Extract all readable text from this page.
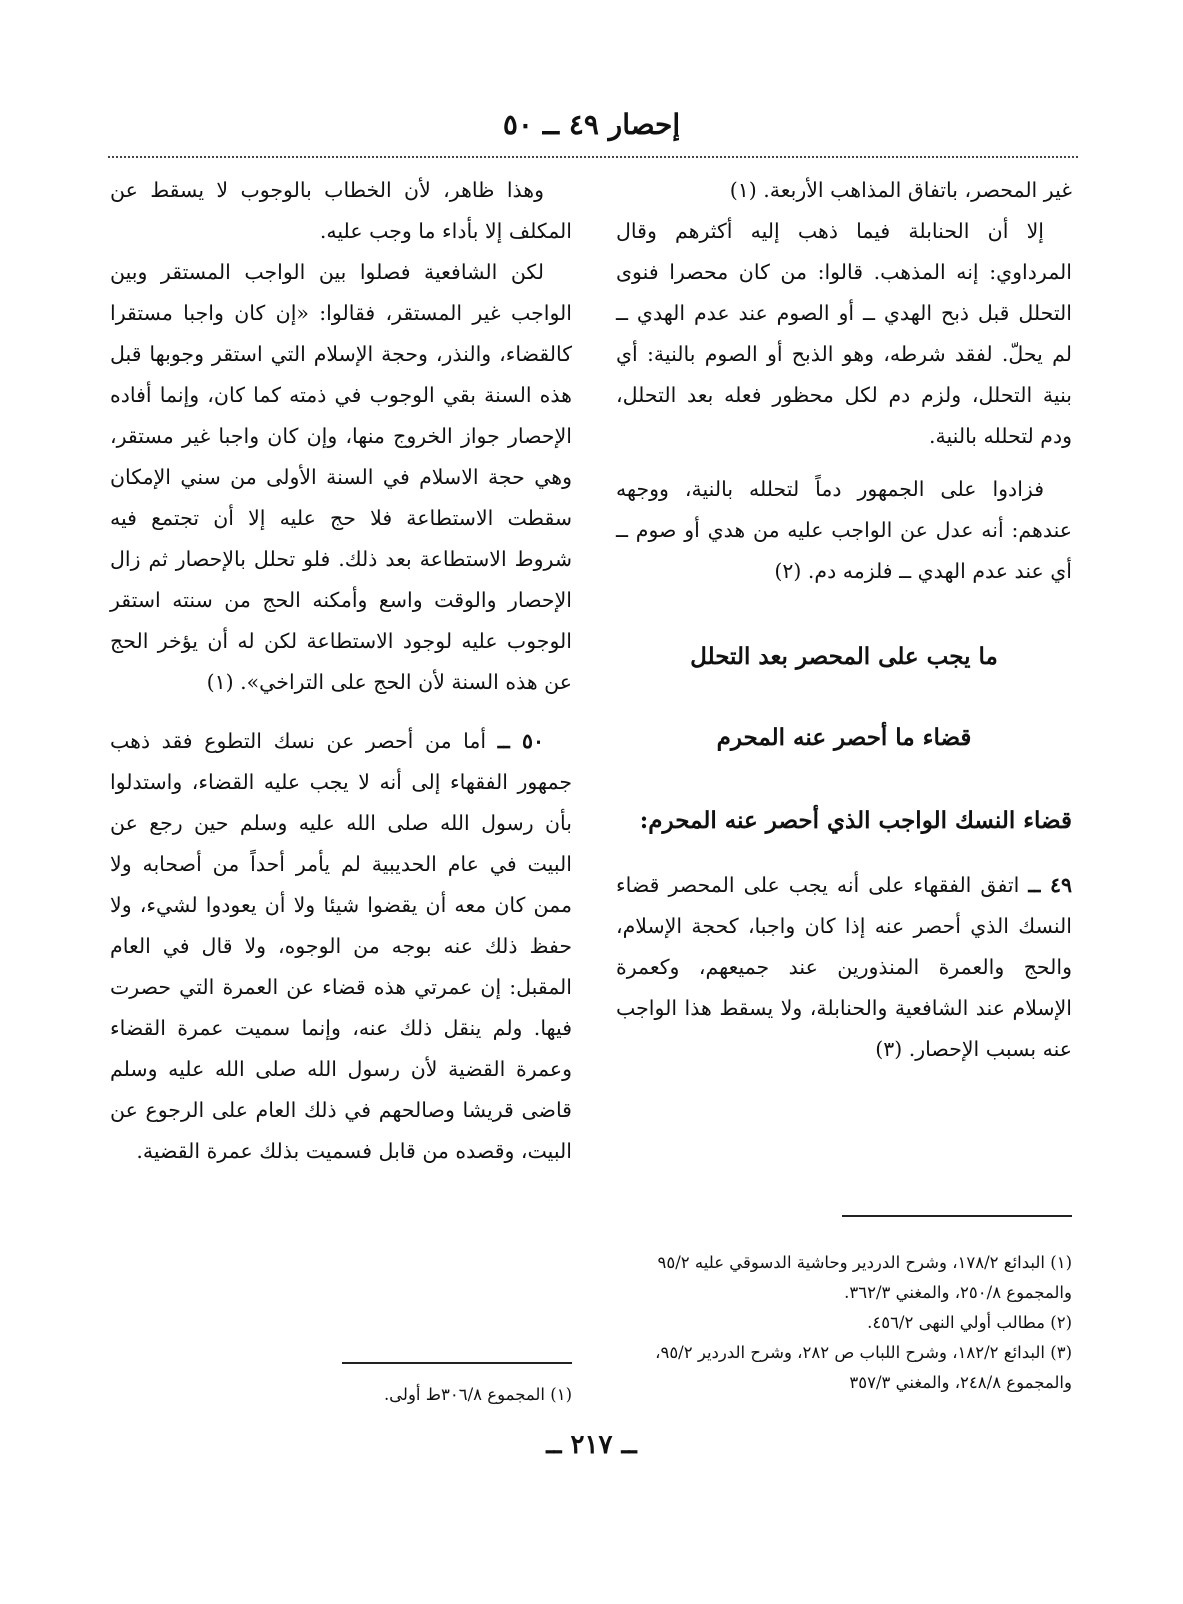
إحصار ٤٩ ــ ٥٠

غير المحصر، باتفاق المذاهب الأربعة. (١)

إلا أن الحنابلة فيما ذهب إليه أكثرهم وقال المرداوي: إنه المذهب. قالوا: من كان محصرا فنوى التحلل قبل ذبح الهدي ــ أو الصوم عند عدم الهدي ــ لم يحلّ. لفقد شرطه، وهو الذبح أو الصوم بالنية: أي بنية التحلل، ولزم دم لكل محظور فعله بعد التحلل، ودم لتحلله بالنية.

فزادوا على الجمهور دماً لتحلله بالنية، ووجهه عندهم: أنه عدل عن الواجب عليه من هدي أو صوم ــ أي عند عدم الهدي ــ فلزمه دم. (٢)

ما يجب على المحصر بعد التحلل

قضاء ما أحصر عنه المحرم

قضاء النسك الواجب الذي أحصر عنه المحرم:

٤٩ ــ اتفق الفقهاء على أنه يجب على المحصر قضاء النسك الذي أحصر عنه إذا كان واجبا، كحجة الإسلام، والحج والعمرة المنذورين عند جميعهم، وكعمرة الإسلام عند الشافعية والحنابلة، ولا يسقط هذا الواجب عنه بسبب الإحصار. (٣)

وهذا ظاهر، لأن الخطاب بالوجوب لا يسقط عن المكلف إلا بأداء ما وجب عليه.

لكن الشافعية فصلوا بين الواجب المستقر وبين الواجب غير المستقر، فقالوا: «إن كان واجبا مستقرا كالقضاء، والنذر، وحجة الإسلام التي استقر وجوبها قبل هذه السنة بقي الوجوب في ذمته كما كان، وإنما أفاده الإحصار جواز الخروج منها، وإن كان واجبا غير مستقر، وهي حجة الاسلام في السنة الأولى من سني الإمكان سقطت الاستطاعة فلا حج عليه إلا أن تجتمع فيه شروط الاستطاعة بعد ذلك. فلو تحلل بالإحصار ثم زال الإحصار والوقت واسع وأمكنه الحج من سنته استقر الوجوب عليه لوجود الاستطاعة لكن له أن يؤخر الحج عن هذه السنة لأن الحج على التراخي». (١)

٥٠ ــ أما من أحصر عن نسك التطوع فقد ذهب جمهور الفقهاء إلى أنه لا يجب عليه القضاء، واستدلوا بأن رسول الله صلى الله عليه وسلم حين رجع عن البيت في عام الحديبية لم يأمر أحداً من أصحابه ولا ممن كان معه أن يقضوا شيئا ولا أن يعودوا لشيء، ولا حفظ ذلك عنه بوجه من الوجوه، ولا قال في العام المقبل: إن عمرتي هذه قضاء عن العمرة التي حصرت فيها. ولم ينقل ذلك عنه، وإنما سميت عمرة القضاء وعمرة القضية لأن رسول الله صلى الله عليه وسلم قاضى قريشا وصالحهم في ذلك العام على الرجوع عن البيت، وقصده من قابل فسميت بذلك عمرة القضية.

(١) البدائع ١٧٨/٢، وشرح الدردير وحاشية الدسوقي عليه ٩٥/٢ والمجموع ٢٥٠/٨، والمغني ٣٦٢/٣.

(٢) مطالب أولي النهى ٤٥٦/٢.

(٣) البدائع ١٨٢/٢، وشرح اللباب ص ٢٨٢، وشرح الدردير ٩٥/٢، والمجموع ٢٤٨/٨، والمغني ٣٥٧/٣

(١) المجموع ٣٠٦/٨ط أولى.

ــ ٢١٧ ــ
